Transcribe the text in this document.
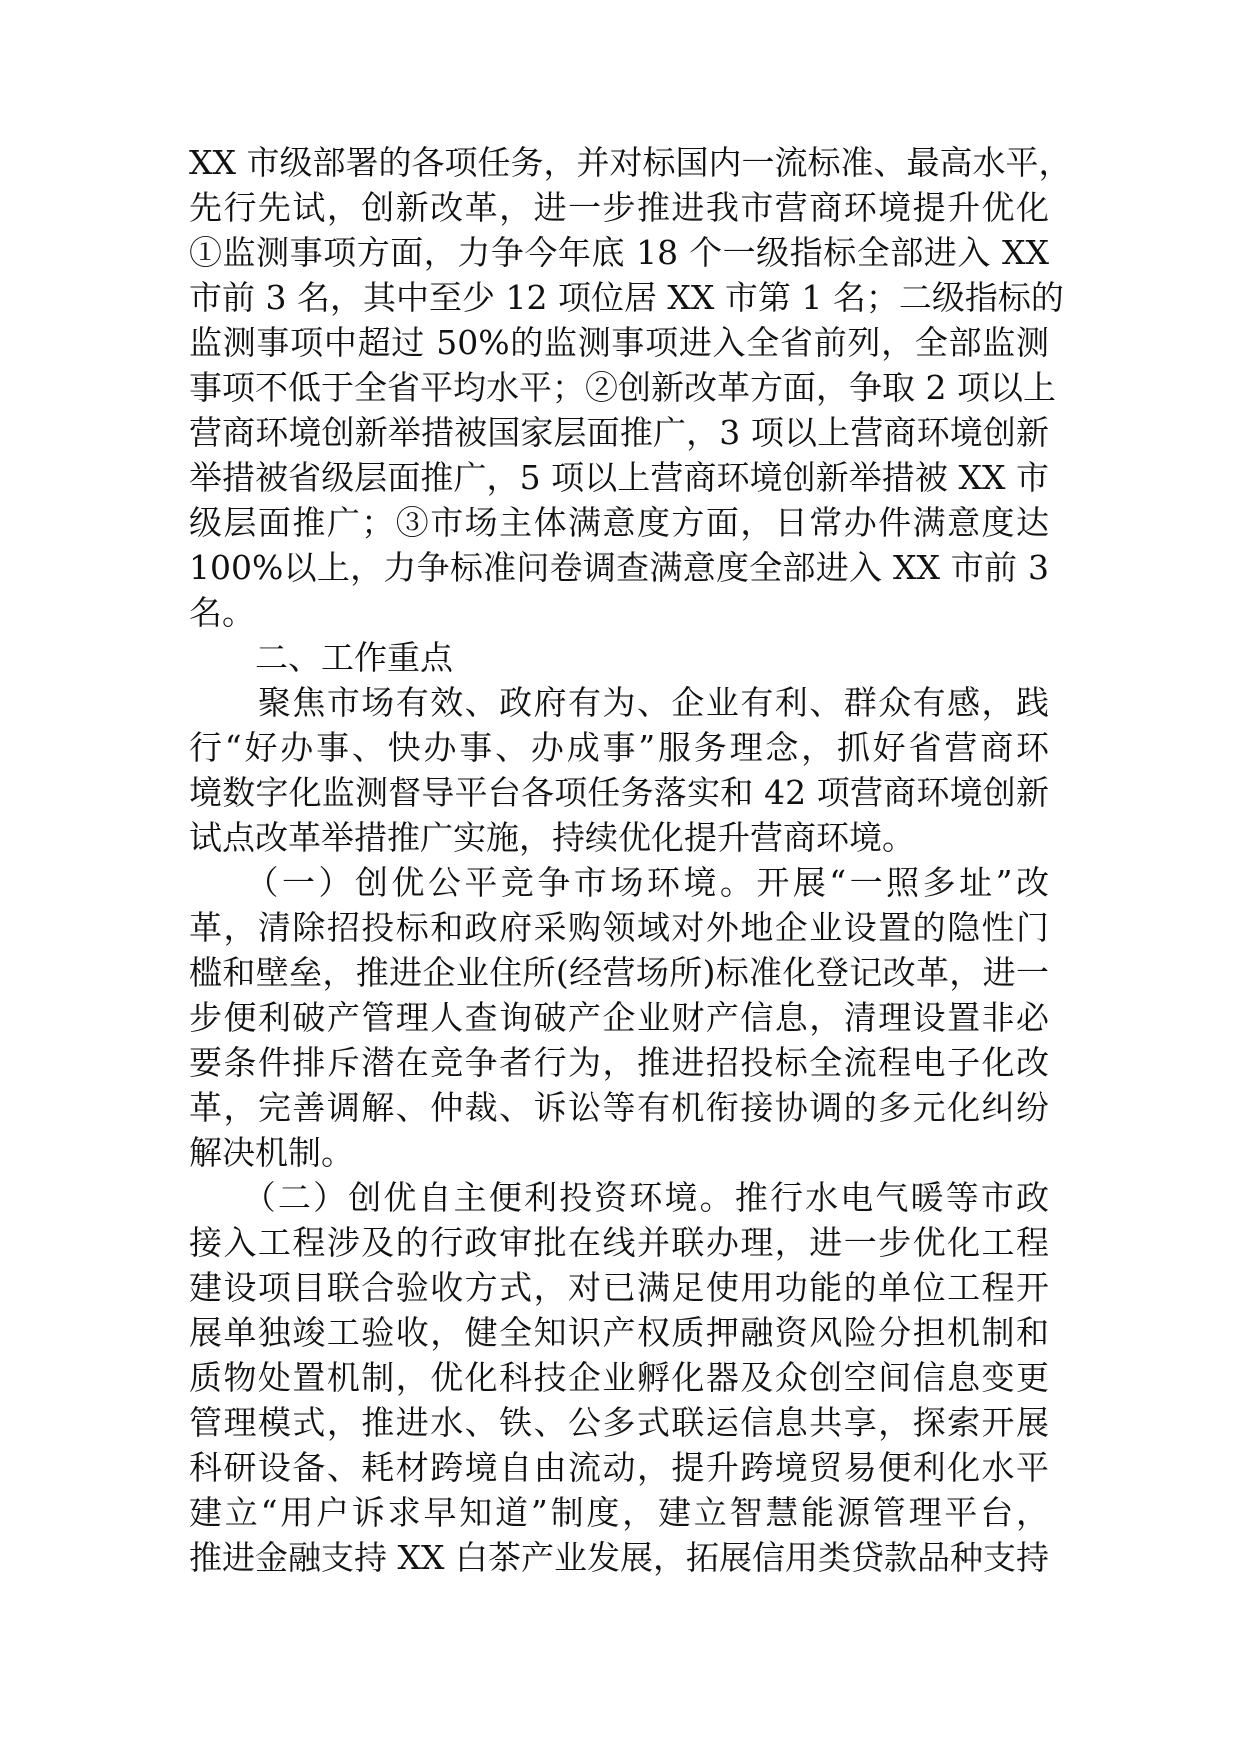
XX 市级部署的各项任务，并对标国内一流标准、最高水平，
先行先试，创新改革，进一步推进我市营商环境提升优化
①监测事项方面，力争今年底 18 个一级指标全部进入 XX
市前 3 名，其中至少 12 项位居 XX 市第 1 名；二级指标的
监测事项中超过 50%的监测事项进入全省前列，全部监测
事项不低于全省平均水平；②创新改革方面，争取 2 项以上
营商环境创新举措被国家层面推广，3 项以上营商环境创新
举措被省级层面推广，5 项以上营商环境创新举措被 XX 市
级层面推广；③市场主体满意度方面，日常办件满意度达
100%以上，力争标准问卷调查满意度全部进入 XX 市前 3
名。
　　二、工作重点
　　聚焦市场有效、政府有为、企业有利、群众有感，践
行“好办事、快办事、办成事”服务理念，抓好省营商环
境数字化监测督导平台各项任务落实和 42 项营商环境创新
试点改革举措推广实施，持续优化提升营商环境。
　　（一）创优公平竞争市场环境。开展“一照多址”改
革，清除招投标和政府采购领域对外地企业设置的隐性门
槛和壁垒，推进企业住所(经营场所)标准化登记改革，进一
步便利破产管理人查询破产企业财产信息，清理设置非必
要条件排斥潜在竞争者行为，推进招投标全流程电子化改
革，完善调解、仲裁、诉讼等有机衔接协调的多元化纠纷
解决机制。
　　（二）创优自主便利投资环境。推行水电气暖等市政
接入工程涉及的行政审批在线并联办理，进一步优化工程
建设项目联合验收方式，对已满足使用功能的单位工程开
展单独竣工验收，健全知识产权质押融资风险分担机制和
质物处置机制，优化科技企业孵化器及众创空间信息变更
管理模式，推进水、铁、公多式联运信息共享，探索开展
科研设备、耗材跨境自由流动，提升跨境贸易便利化水平
建立“用户诉求早知道”制度，建立智慧能源管理平台，
推进金融支持 XX 白茶产业发展，拓展信用类贷款品种支持
